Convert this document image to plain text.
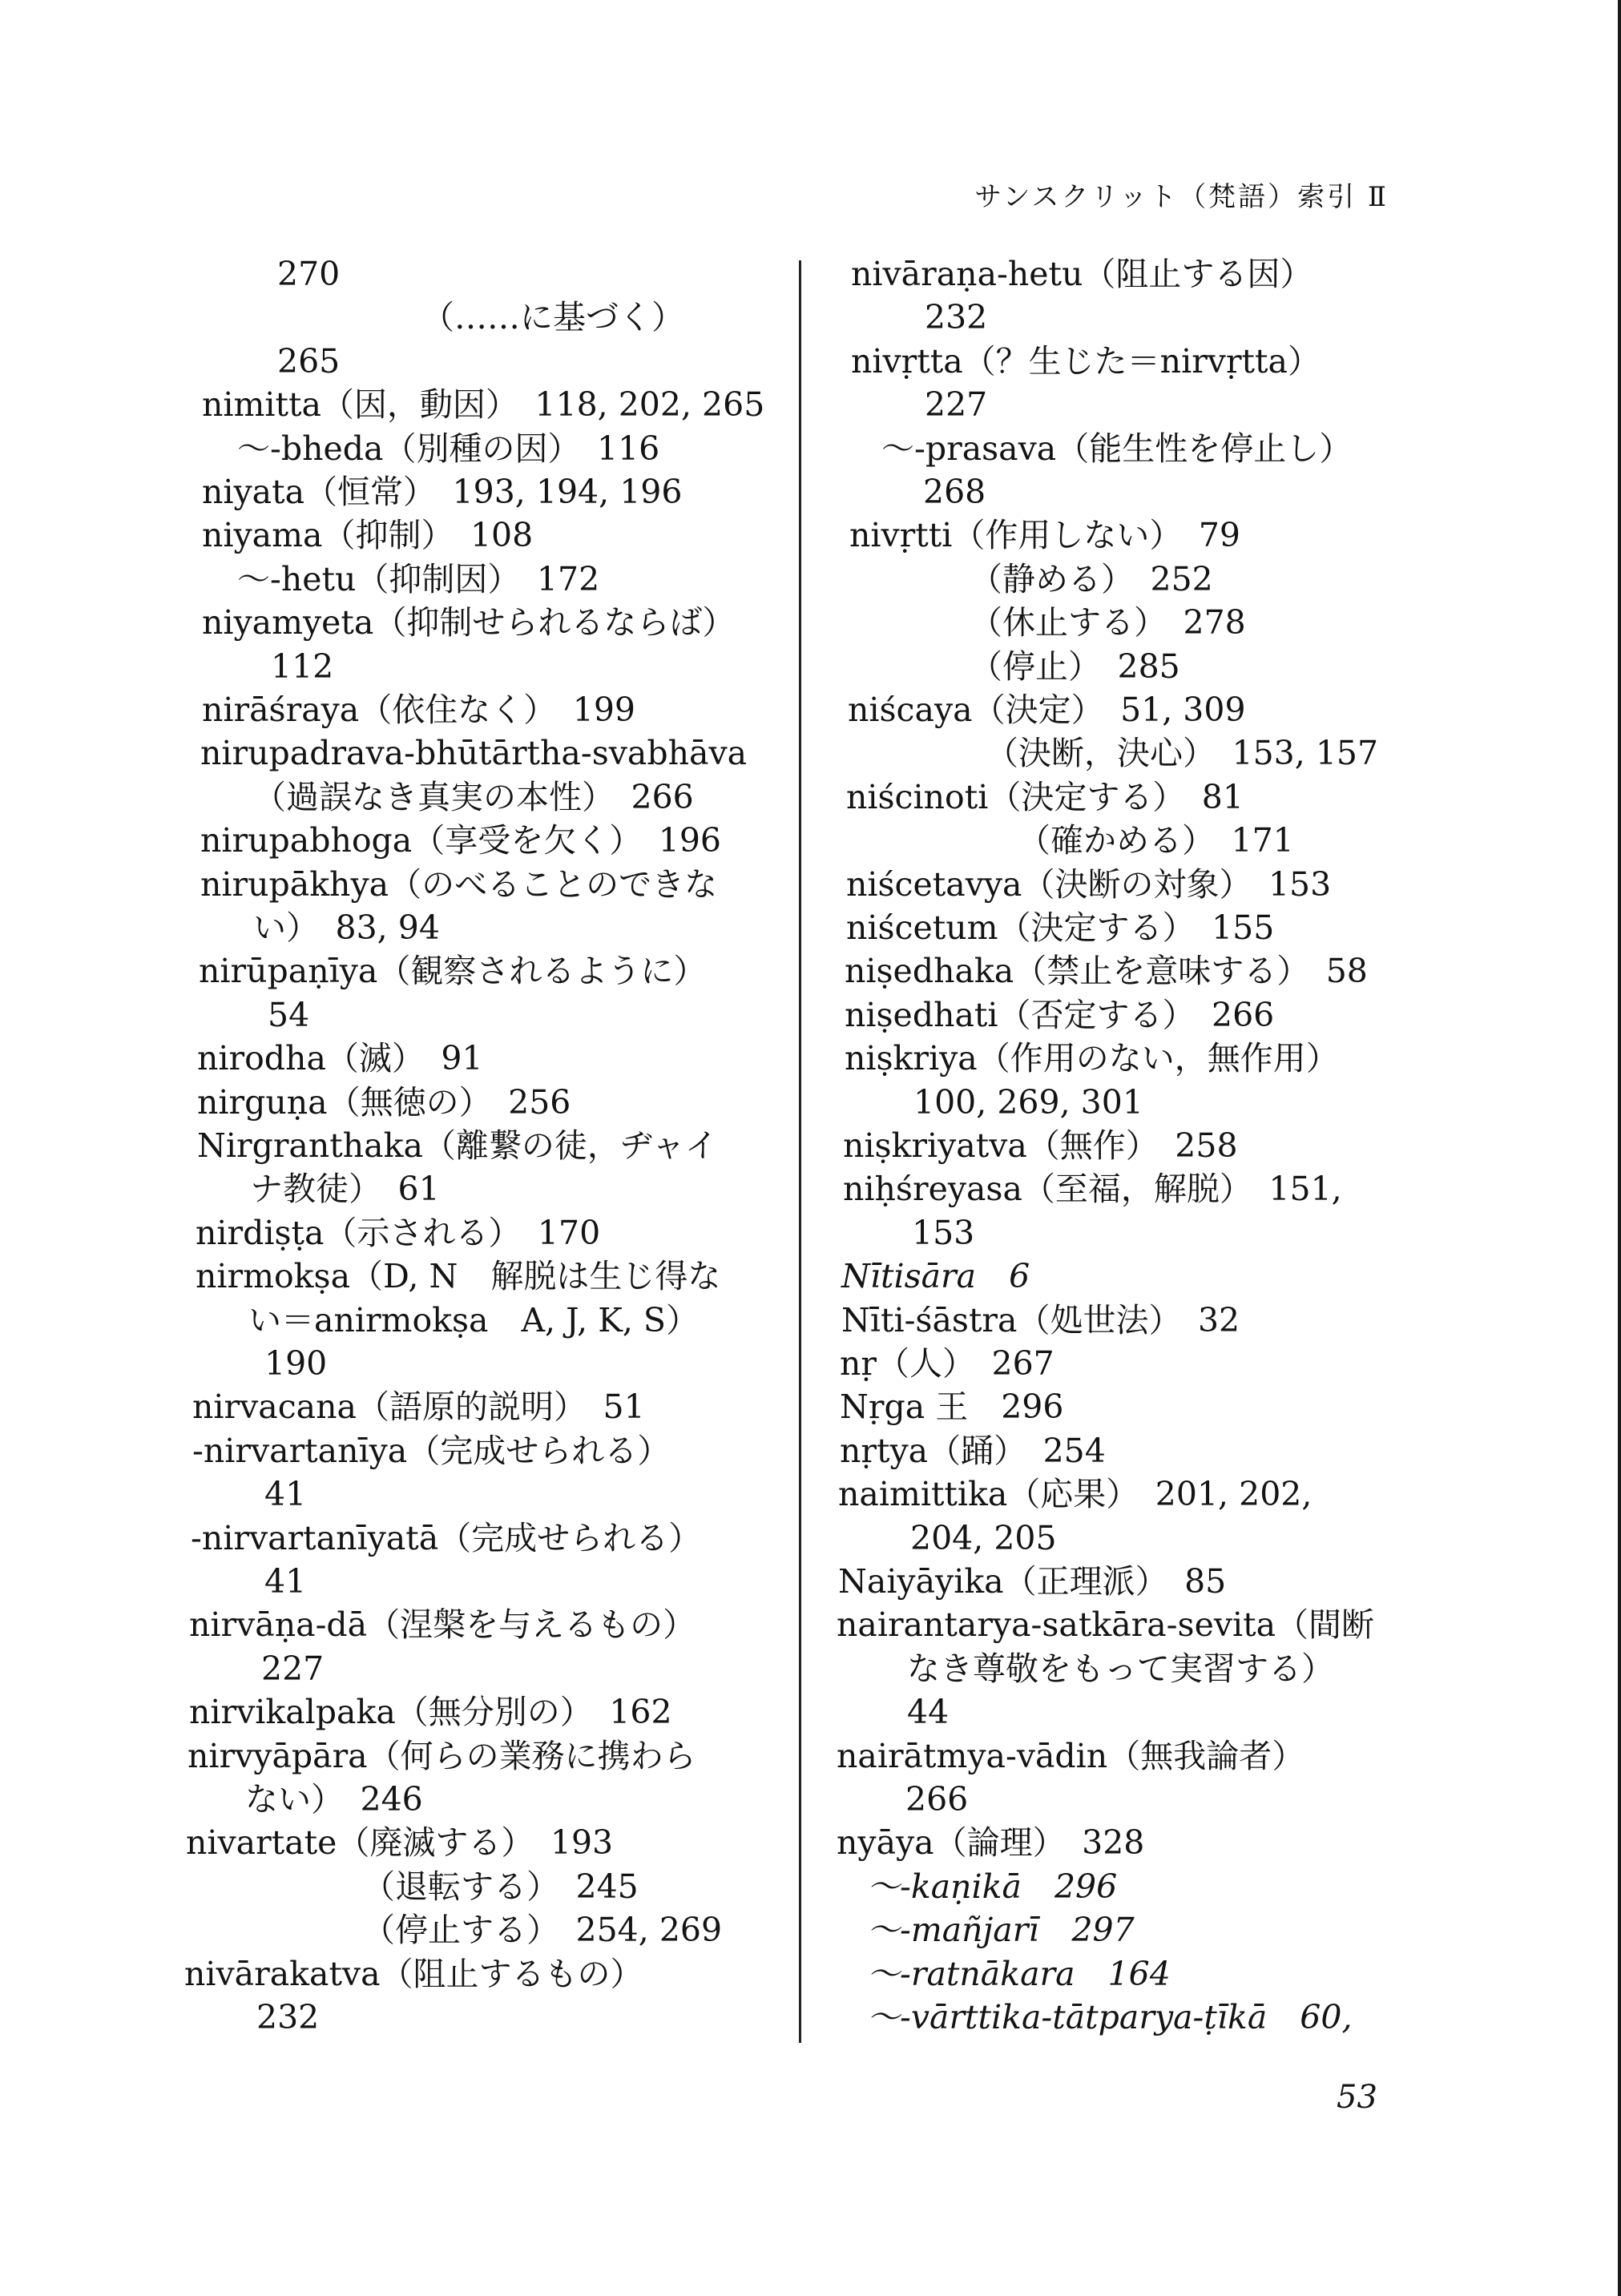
サンスクリット（梵語）索引 Ⅱ
270
（……に基づく）
265
nimitta（因，動因）　118, 202, 265
〜-bheda（別種の因）　116
niyata（恒常）　193, 194, 196
niyama（抑制）　108
〜-hetu（抑制因）　172
niyamyeta（抑制せられるならば）
112
nirāśraya（依住なく）　199
nirupadrava-bhūtārtha-svabhāva
（過誤なき真実の本性）　266
nirupabhoga（享受を欠く）　196
nirupākhya（のべることのできな
い）　83, 94
nirūpaṇīya（観察されるように）
54
nirodha（滅）　91
nirguṇa（無徳の）　256
Nirgranthaka（離繋の徒，ヂャイ
ナ教徒）　61
nirdiṣṭa（示される）　170
nirmokṣa（D, N　解脱は生じ得な
い＝anirmokṣa　A, J, K, S）
190
nirvacana（語原的説明）　51
-nirvartanīya（完成せられる）
41
-nirvartanīyatā（完成せられる）
41
nirvāṇa-dā（涅槃を与えるもの）
227
nirvikalpaka（無分別の）　162
nirvyāpāra（何らの業務に携わら
ない）　246
nivartate（廃滅する）　193
（退転する）　245
（停止する）　254, 269
nivārakatva（阻止するもの）
232
nivāraṇa-hetu（阻止する因）
232
nivṛtta（？生じた＝nirvṛtta）
227
〜-prasava（能生性を停止し）
268
nivṛtti（作用しない）　79
（静める）　252
（休止する）　278
（停止）　285
niścaya（決定）　51, 309
（決断，決心）　153, 157
niścinoti（決定する）　81
（確かめる）　171
niścetavya（決断の対象）　153
niścetum（決定する）　155
niṣedhaka（禁止を意味する）　58
niṣedhati（否定する）　266
niṣkriya（作用のない，無作用）
100, 269, 301
niṣkriyatva（無作）　258
niḥśreyasa（至福，解脱）　151,
153
Nītisāra　6
Nīti-śāstra（処世法）　32
nṛ（人）　267
Nṛga 王　296
nṛtya（踊）　254
naimittika（応果）　201, 202,
204, 205
Naiyāyika（正理派）　85
nairantarya-satkāra-sevita（間断
なき尊敬をもって実習する）
44
nairātmya-vādin（無我論者）
266
nyāya（論理）　328
〜-kaṇikā　296
〜-mañjarī　297
〜-ratnākara　164
〜-vārttika-tātparya-ṭīkā　60,
53
